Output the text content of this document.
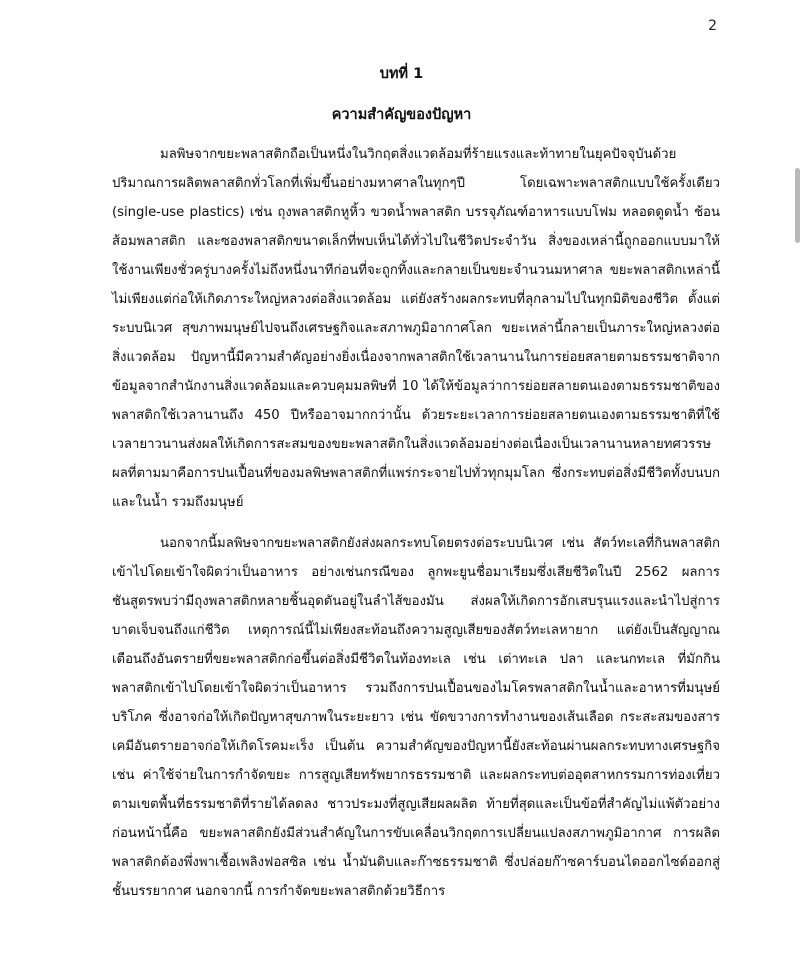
2
บทที่ 1
ความสำคัญของปัญหา

มลพิษจากขยะพลาสติกถือเป็นหนึ่งในวิกฤตสิ่งแวดล้อมที่ร้ายแรงและท้าทายในยุคปัจจุบันด้วยปริมาณการผลิตพลาสติกทั่วโลกที่เพิ่มขึ้นอย่างมหาศาลในทุกๆปี โดยเฉพาะพลาสติกแบบใช้ครั้งเดียว (single-use plastics) เช่น ถุงพลาสติกหูหิ้ว ขวดน้ำพลาสติก บรรจุภัณฑ์อาหารแบบโฟม หลอดดูดน้ำ ช้อนส้อมพลาสติก และซองพลาสติกขนาดเล็กที่พบเห็นได้ทั่วไปในชีวิตประจำวัน สิ่งของเหล่านี้ถูกออกแบบมาให้ใช้งานเพียงชั่วครู่บางครั้งไม่ถึงหนึ่งนาทีก่อนที่จะถูกทิ้งและกลายเป็นขยะจำนวนมหาศาล ขยะพลาสติกเหล่านี้ไม่เพียงแต่ก่อให้เกิดภาระใหญ่หลวงต่อสิ่งแวดล้อม แต่ยังสร้างผลกระทบที่ลุกลามไปในทุกมิติของชีวิต ตั้งแต่ระบบนิเวศ สุขภาพมนุษย์ไปจนถึงเศรษฐกิจและสภาพภูมิอากาศโลก ขยะเหล่านี้กลายเป็นภาระใหญ่หลวงต่อสิ่งแวดล้อม ปัญหานี้มีความสำคัญอย่างยิ่งเนื่องจากพลาสติกใช้เวลานานในการย่อยสลายตามธรรมชาติจากข้อมูลจากสำนักงานสิ่งแวดล้อมและควบคุมมลพิษที่ 10 ได้ให้ข้อมูลว่าการย่อยสลายตนเองตามธรรมชาติของพลาสติกใช้เวลานานถึง 450 ปีหรืออาจมากกว่านั้น ด้วยระยะเวลาการย่อยสลายตนเองตามธรรมชาติที่ใช้เวลายาวนานส่งผลให้เกิดการสะสมของขยะพลาสติกในสิ่งแวดล้อมอย่างต่อเนื่องเป็นเวลานานหลายทศวรรษผลที่ตามมาคือการปนเปื้อนที่ของมลพิษพลาสติกที่แพร่กระจายไปทั่วทุกมุมโลก ซึ่งกระทบต่อสิ่งมีชีวิตทั้งบนบกและในน้ำ รวมถึงมนุษย์

นอกจากนี้มลพิษจากขยะพลาสติกยังส่งผลกระทบโดยตรงต่อระบบนิเวศ เช่น สัตว์ทะเลที่กินพลาสติกเข้าไปโดยเข้าใจผิดว่าเป็นอาหาร อย่างเช่นกรณีของ ลูกพะยูนชื่อมาเรียมซึ่งเสียชีวิตในปี 2562 ผลการชันสูตรพบว่ามีถุงพลาสติกหลายชิ้นอุดตันอยู่ในลำไส้ของมัน ส่งผลให้เกิดการอักเสบรุนแรงและนำไปสู่การบาดเจ็บจนถึงแก่ชีวิต เหตุการณ์นี้ไม่เพียงสะท้อนถึงความสูญเสียของสัตว์ทะเลหายาก แต่ยังเป็นสัญญาณเตือนถึงอันตรายที่ขยะพลาสติกก่อขึ้นต่อสิ่งมีชีวิตในท้องทะเล เช่น เต่าทะเล ปลา และนกทะเล ที่มักกินพลาสติกเข้าไปโดยเข้าใจผิดว่าเป็นอาหาร รวมถึงการปนเปื้อนของไมโครพลาสติกในน้ำและอาหารที่มนุษย์บริโภค ซึ่งอาจก่อให้เกิดปัญหาสุขภาพในระยะยาว เช่น ขัดขวางการทำงานของเส้นเลือด กระสะสมของสารเคมีอันตรายอาจก่อให้เกิดโรคมะเร็ง เป็นต้น ความสำคัญของปัญหานี้ยังสะท้อนผ่านผลกระทบทางเศรษฐกิจ เช่น ค่าใช้จ่ายในการกำจัดขยะ การสูญเสียทรัพยากรธรรมชาติ และผลกระทบต่ออุตสาหกรรมการท่องเที่ยวตามเขตพื้นที่ธรรมชาติที่รายได้ลดลง ชาวประมงที่สูญเสียผลผลิต ท้ายที่สุดและเป็นข้อที่สำคัญไม่แพ้ตัวอย่างก่อนหน้านี้คือ ขยะพลาสติกยังมีส่วนสำคัญในการขับเคลื่อนวิกฤตการเปลี่ยนแปลงสภาพภูมิอากาศ การผลิตพลาสติกต้องพึ่งพาเชื้อเพลิงฟอสซิล เช่น น้ำมันดิบและก๊าซธรรมชาติ ซึ่งปล่อยก๊าซคาร์บอนไดออกไซด์ออกสู่ชั้นบรรยากาศ นอกจากนี้ การกำจัดขยะพลาสติกด้วยวิธีการ
